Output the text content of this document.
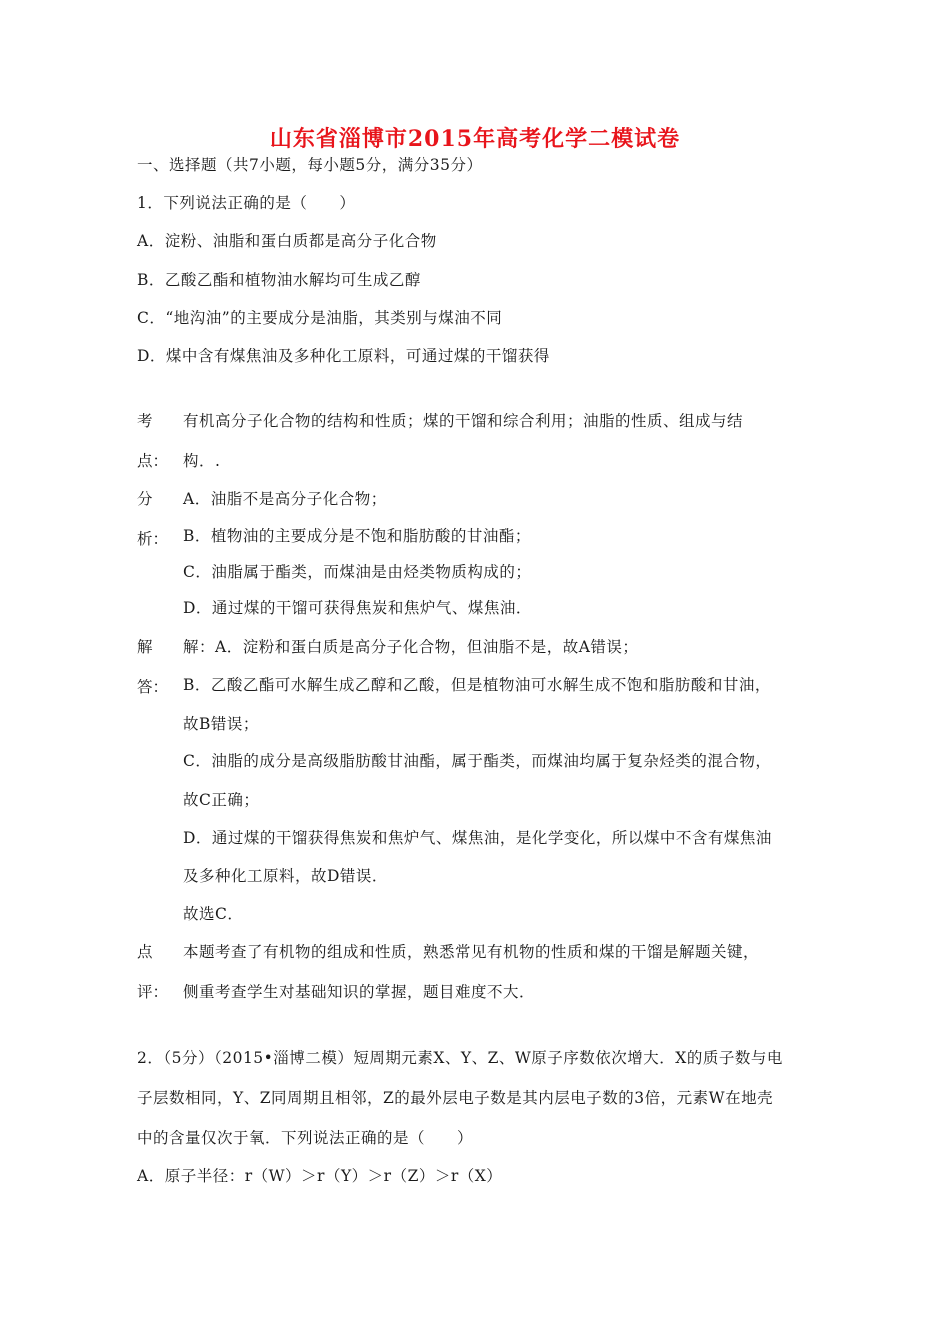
山东省淄博市2015年高考化学二模试卷
一、选择题（共7小题，每小题5分，满分35分）
1．下列说法正确的是（　　）
A．淀粉、油脂和蛋白质都是高分子化合物
B．乙酸乙酯和植物油水解均可生成乙醇
C．“地沟油”的主要成分是油脂，其类别与煤油不同
D．煤中含有煤焦油及多种化工原料，可通过煤的干馏获得
考
点：
有机高分子化合物的结构和性质；煤的干馏和综合利用；油脂的性质、组成与结
构．.
分
析：
A．油脂不是高分子化合物；
B．植物油的主要成分是不饱和脂肪酸的甘油酯；
C．油脂属于酯类，而煤油是由烃类物质构成的；
D．通过煤的干馏可获得焦炭和焦炉气、煤焦油．
解
答：
解：A．淀粉和蛋白质是高分子化合物，但油脂不是，故A错误；
B．乙酸乙酯可水解生成乙醇和乙酸，但是植物油可水解生成不饱和脂肪酸和甘油，
故B错误；
C．油脂的成分是高级脂肪酸甘油酯，属于酯类，而煤油均属于复杂烃类的混合物，
故C正确；
D．通过煤的干馏获得焦炭和焦炉气、煤焦油，是化学变化，所以煤中不含有煤焦油
及多种化工原料，故D错误．
故选C．
点
评：
本题考查了有机物的组成和性质，熟悉常见有机物的性质和煤的干馏是解题关键，
侧重考查学生对基础知识的掌握，题目难度不大．
2．（5分）（2015•淄博二模）短周期元素X、Y、Z、W原子序数依次增大．X的质子数与电
子层数相同，Y、Z同周期且相邻，Z的最外层电子数是其内层电子数的3倍，元素W在地壳
中的含量仅次于氧．下列说法正确的是（　　）
A．原子半径：r（W）＞r（Y）＞r（Z）＞r（X）
